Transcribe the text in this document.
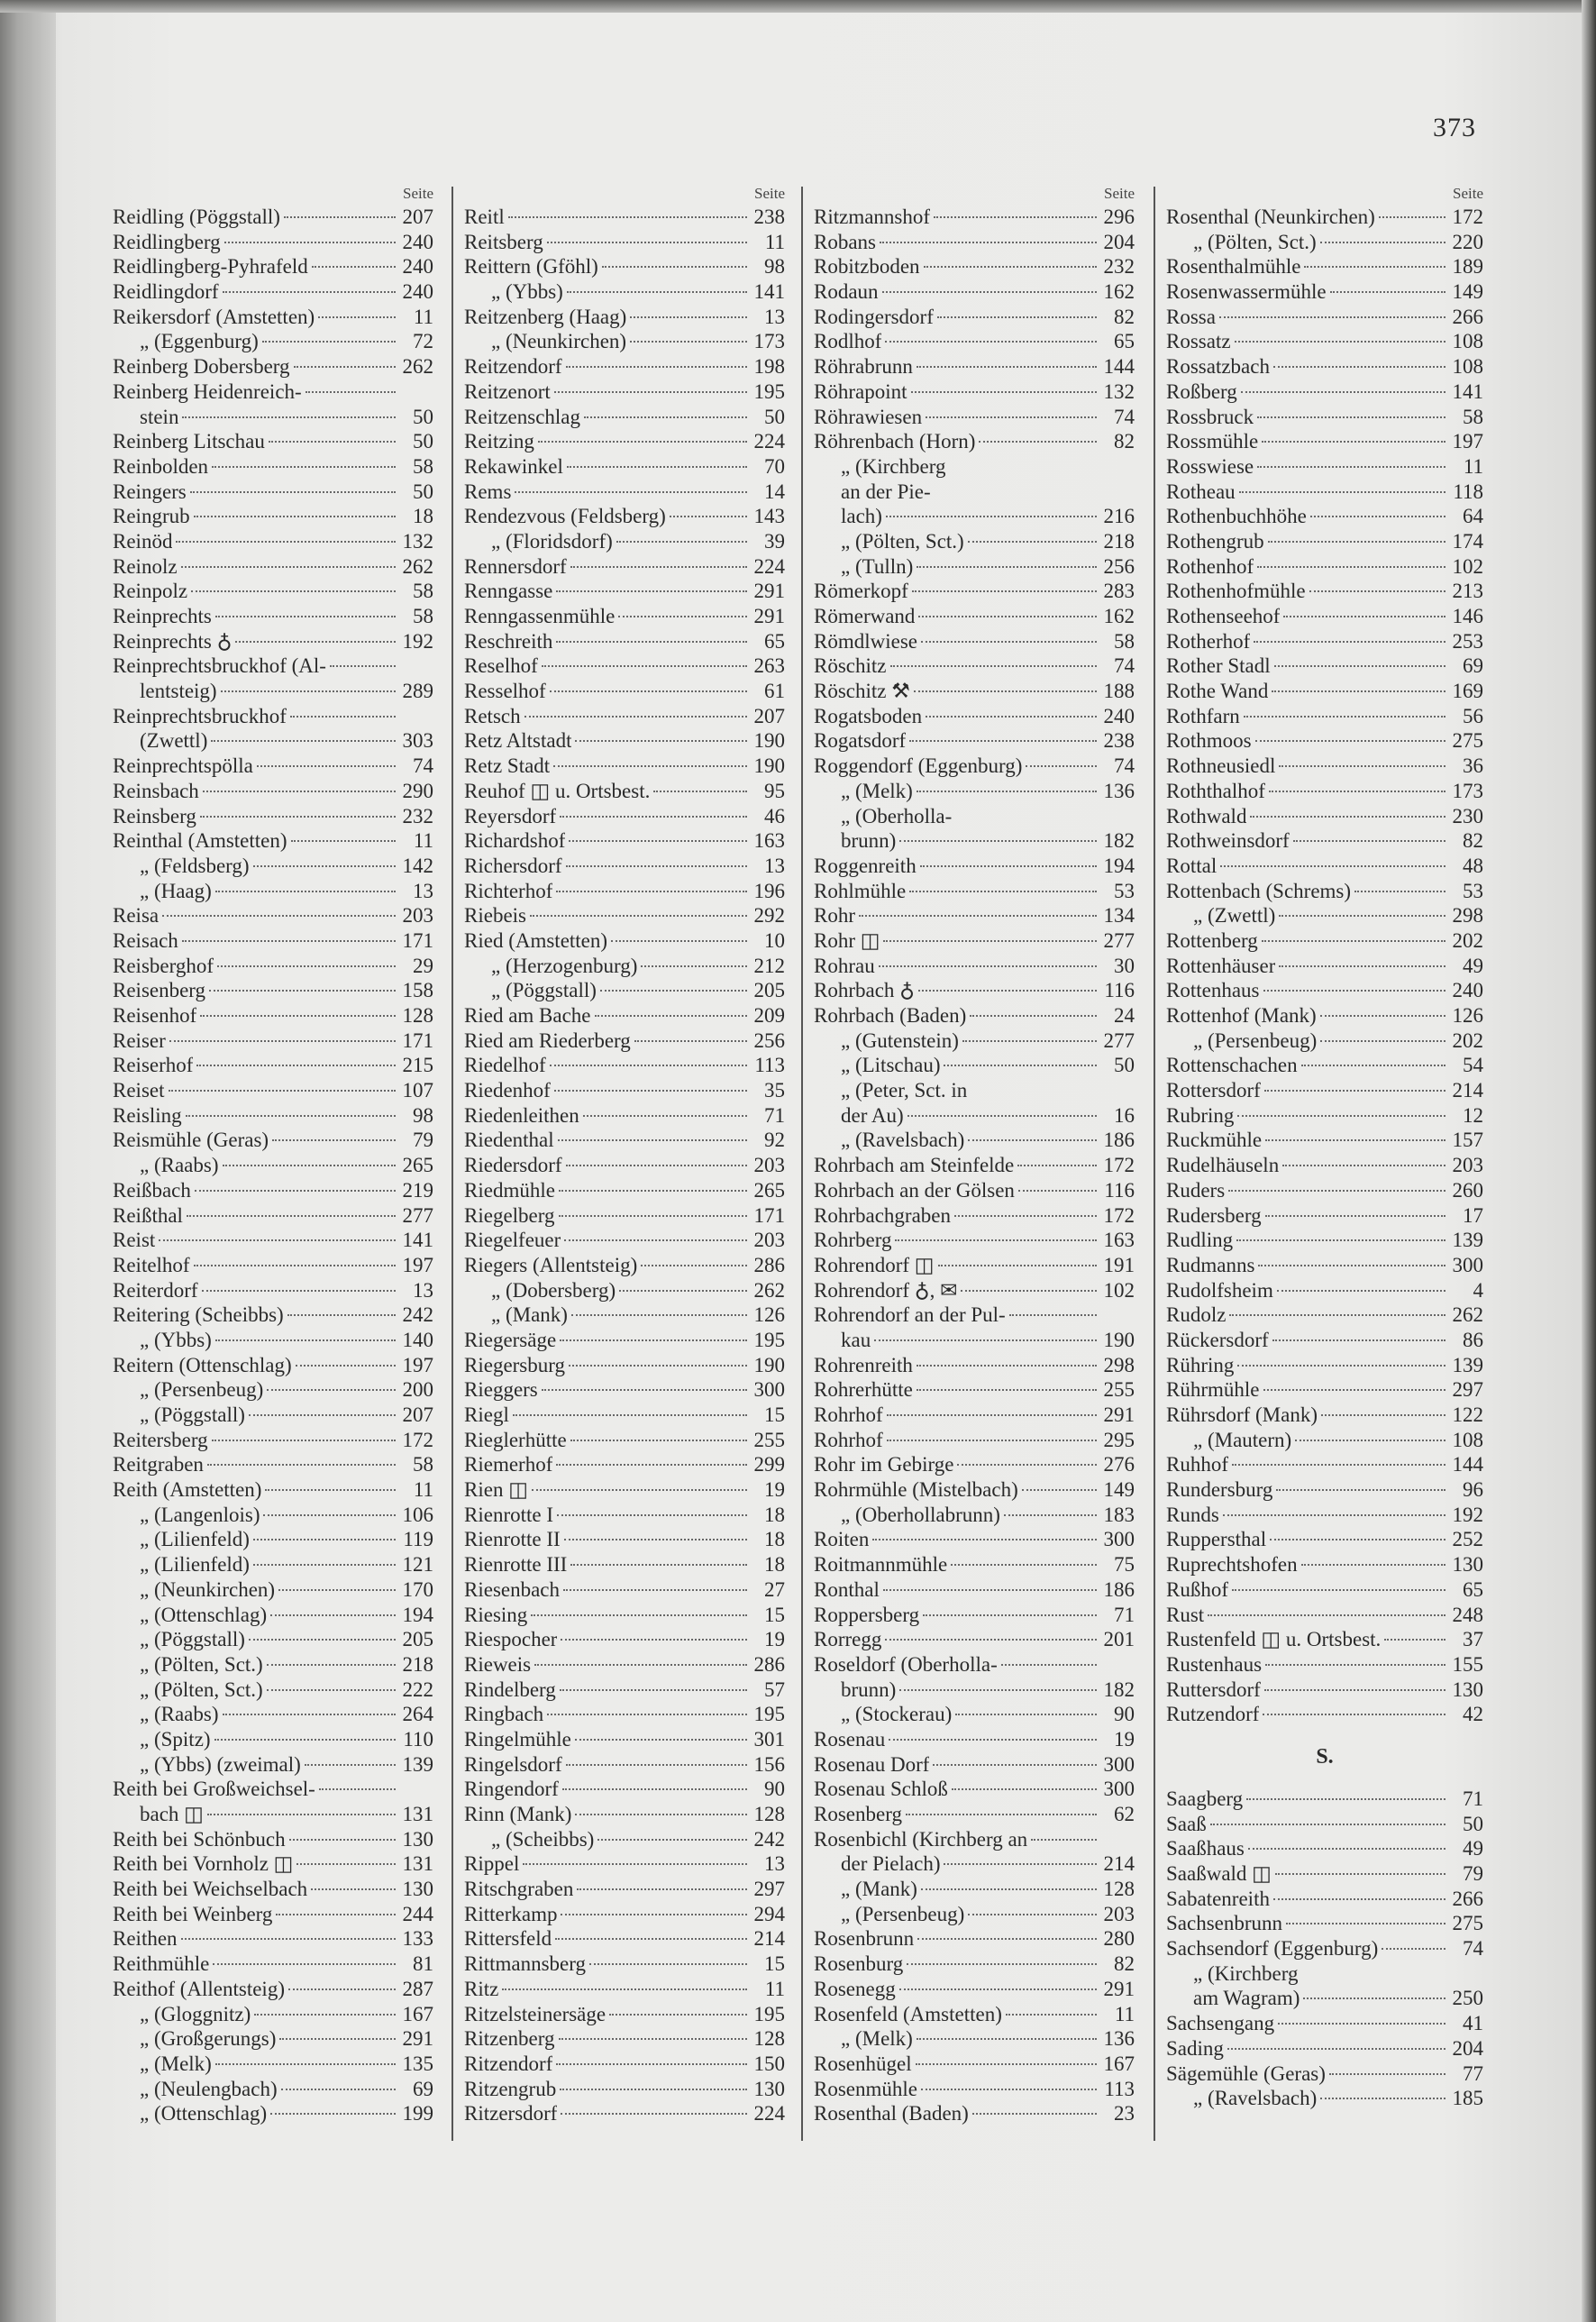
373
Seite
Reidling (Pöggstall)	207
Reidlingberg	240
Reidlingberg-Pyhrafeld	240
Reidlingdorf	240
Reikersdorf (Amstetten)	11
„ (Eggenburg)	72
Reinberg Dobersberg	262
Reinberg Heidenreich-
stein	50
Reinberg Litschau	50
Reinbolden	58
Reingers	50
Reingrub	18
Reinöd	132
Reinolz	262
Reinpolz	58
Reinprechts	58
Reinprechts ♁	192
Reinprechtsbruckhof (Al-
lentsteig)	289
Reinprechtsbruckhof
(Zwettl)	303
Reinprechtspölla	74
Reinsbach	290
Reinsberg	232
Reinthal (Amstetten)	11
„ (Feldsberg)	142
„ (Haag)	13
Reisa	203
Reisach	171
Reisberghof	29
Reisenberg	158
Reisenhof	128
Reiser	171
Reiserhof	215
Reiset	107
Reisling	98
Reismühle (Geras)	79
„ (Raabs)	265
Reißbach	219
Reißthal	277
Reist	141
Reitelhof	197
Reiterdorf	13
Reitering (Scheibbs)	242
„ (Ybbs)	140
Reitern (Ottenschlag)	197
„ (Persenbeug)	200
„ (Pöggstall)	207
Reitersberg	172
Reitgraben	58
Reith (Amstetten)	11
„ (Langenlois)	106
„ (Lilienfeld)	119
„ (Lilienfeld)	121
„ (Neunkirchen)	170
„ (Ottenschlag)	194
„ (Pöggstall)	205
„ (Pölten, Sct.)	218
„ (Pölten, Sct.)	222
„ (Raabs)	264
„ (Spitz)	110
„ (Ybbs) (zweimal)	139
Reith bei Großweichsel-
bach ◫	131
Reith bei Schönbuch	130
Reith bei Vornholz ◫	131
Reith bei Weichselbach	130
Reith bei Weinberg	244
Reithen	133
Reithmühle	81
Reithof (Allentsteig)	287
„ (Gloggnitz)	167
„ (Großgerungs)	291
„ (Melk)	135
„ (Neulengbach)	69
„ (Ottenschlag)	199
Seite
Reitl	238
Reitsberg	11
Reittern (Gföhl)	98
„ (Ybbs)	141
Reitzenberg (Haag)	13
„ (Neunkirchen)	173
Reitzendorf	198
Reitzenort	195
Reitzenschlag	50
Reitzing	224
Rekawinkel	70
Rems	14
Rendezvous (Feldsberg)	143
„ (Floridsdorf)	39
Rennersdorf	224
Renngasse	291
Renngassenmühle	291
Reschreith	65
Reselhof	263
Resselhof	61
Retsch	207
Retz Altstadt	190
Retz Stadt	190
Reuhof ◫ u. Ortsbest.	95
Reyersdorf	46
Richardshof	163
Richersdorf	13
Richterhof	196
Riebeis	292
Ried (Amstetten)	10
„ (Herzogenburg)	212
„ (Pöggstall)	205
Ried am Bache	209
Ried am Riederberg	256
Riedelhof	113
Riedenhof	35
Riedenleithen	71
Riedenthal	92
Riedersdorf	203
Riedmühle	265
Riegelberg	171
Riegelfeuer	203
Riegers (Allentsteig)	286
„ (Dobersberg)	262
„ (Mank)	126
Riegersäge	195
Riegersburg	190
Rieggers	300
Riegl	15
Rieglerhütte	255
Riemerhof	299
Rien ◫	19
Rienrotte I	18
Rienrotte II	18
Rienrotte III	18
Riesenbach	27
Riesing	15
Riespocher	19
Rieweis	286
Rindelberg	57
Ringbach	195
Ringelmühle	301
Ringelsdorf	156
Ringendorf	90
Rinn (Mank)	128
„ (Scheibbs)	242
Rippel	13
Ritschgraben	297
Ritterkamp	294
Rittersfeld	214
Rittmannsberg	15
Ritz	11
Ritzelsteinersäge	195
Ritzenberg	128
Ritzendorf	150
Ritzengrub	130
Ritzersdorf	224
Seite
Ritzmannshof	296
Robans	204
Robitzboden	232
Rodaun	162
Rodingersdorf	82
Rodlhof	65
Röhrabrunn	144
Röhrapoint	132
Röhrawiesen	74
Röhrenbach (Horn)	82
„ (Kirchberg
an der Pie-
lach)	216
„ (Pölten, Sct.)	218
„ (Tulln)	256
Römerkopf	283
Römerwand	162
Römdlwiese	58
Röschitz	74
Röschitz ⚒	188
Rogatsboden	240
Rogatsdorf	238
Roggendorf (Eggenburg)	74
„ (Melk)	136
„ (Oberholla-
brunn)	182
Roggenreith	194
Rohlmühle	53
Rohr	134
Rohr ◫	277
Rohrau	30
Rohrbach ♁	116
Rohrbach (Baden)	24
„ (Gutenstein)	277
„ (Litschau)	50
„ (Peter, Sct. in
der Au)	16
„ (Ravelsbach)	186
Rohrbach am Steinfelde	172
Rohrbach an der Gölsen	116
Rohrbachgraben	172
Rohrberg	163
Rohrendorf ◫	191
Rohrendorf ♁, ✉	102
Rohrendorf an der Pul-
kau	190
Rohrenreith	298
Rohrerhütte	255
Rohrhof	291
Rohrhof	295
Rohr im Gebirge	276
Rohrmühle (Mistelbach)	149
„ (Oberhollabrunn)	183
Roiten	300
Roitmannmühle	75
Ronthal	186
Roppersberg	71
Rorregg	201
Roseldorf (Oberholla-
brunn)	182
„ (Stockerau)	90
Rosenau	19
Rosenau Dorf	300
Rosenau Schloß	300
Rosenberg	62
Rosenbichl (Kirchberg an
der Pielach)	214
„ (Mank)	128
„ (Persenbeug)	203
Rosenbrunn	280
Rosenburg	82
Rosenegg	291
Rosenfeld (Amstetten)	11
„ (Melk)	136
Rosenhügel	167
Rosenmühle	113
Rosenthal (Baden)	23
Seite
Rosenthal (Neunkirchen)	172
„ (Pölten, Sct.)	220
Rosenthalmühle	189
Rosenwassermühle	149
Rossa	266
Rossatz	108
Rossatzbach	108
Roßberg	141
Rossbruck	58
Rossmühle	197
Rosswiese	11
Rotheau	118
Rothenbuchhöhe	64
Rothengrub	174
Rothenhof	102
Rothenhofmühle	213
Rothenseehof	146
Rotherhof	253
Rother Stadl	69
Rothe Wand	169
Rothfarn	56
Rothmoos	275
Rothneusiedl	36
Roththalhof	173
Rothwald	230
Rothweinsdorf	82
Rottal	48
Rottenbach (Schrems)	53
„ (Zwettl)	298
Rottenberg	202
Rottenhäuser	49
Rottenhaus	240
Rottenhof (Mank)	126
„ (Persenbeug)	202
Rottenschachen	54
Rottersdorf	214
Rubring	12
Ruckmühle	157
Rudelhäuseln	203
Ruders	260
Rudersberg	17
Rudling	139
Rudmanns	300
Rudolfsheim	4
Rudolz	262
Rückersdorf	86
Rühring	139
Rührmühle	297
Rührsdorf (Mank)	122
„ (Mautern)	108
Ruhhof	144
Rundersburg	96
Runds	192
Ruppersthal	252
Ruprechtshofen	130
Rußhof	65
Rust	248
Rustenfeld ◫ u. Ortsbest.	37
Rustenhaus	155
Ruttersdorf	130
Rutzendorf	42
S.
Saagberg	71
Saaß	50
Saaßhaus	49
Saaßwald ◫	79
Sabatenreith	266
Sachsenbrunn	275
Sachsendorf (Eggenburg)	74
„ (Kirchberg
am Wagram)	250
Sachsengang	41
Sading	204
Sägemühle (Geras)	77
„ (Ravelsbach)	185
